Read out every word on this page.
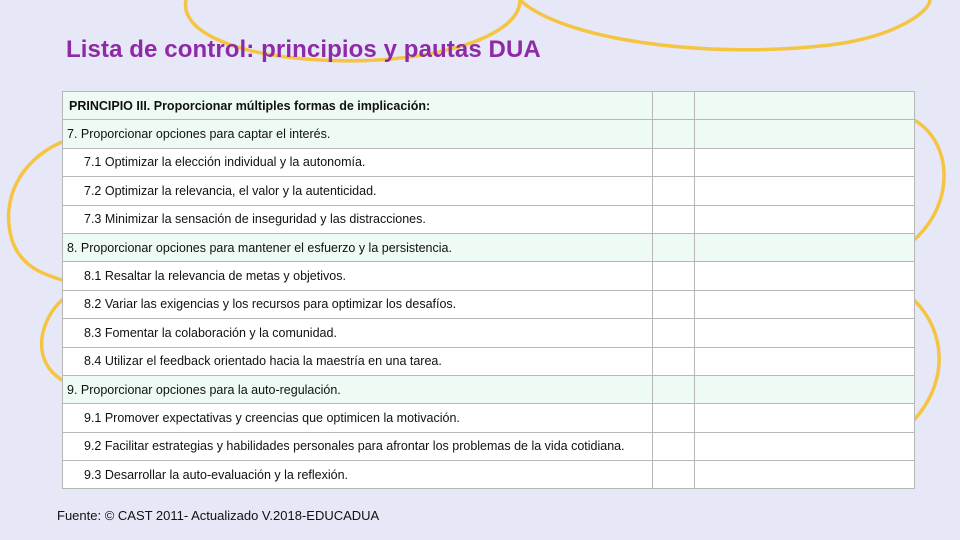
Lista de control: principios y pautas DUA
PRINCIPIO III. Proporcionar múltiples formas de implicación:		
7. Proporcionar opciones para captar el interés.		
7.1 Optimizar la elección individual y la autonomía.		
7.2 Optimizar la relevancia, el valor y la autenticidad.		
7.3 Minimizar la sensación de inseguridad y las distracciones.		
8. Proporcionar opciones para mantener el esfuerzo y la persistencia.		
8.1 Resaltar la relevancia de metas y objetivos.		
8.2 Variar las exigencias y los recursos para optimizar los desafíos.		
8.3 Fomentar la colaboración y la comunidad.		
8.4 Utilizar el feedback orientado hacia la maestría en una tarea.		
9. Proporcionar opciones para la auto-regulación.		
9.1 Promover expectativas y creencias que optimicen la motivación.		
9.2 Facilitar estrategias y habilidades personales para afrontar los problemas de la vida cotidiana.		
9.3 Desarrollar la auto-evaluación y la reflexión.		
Fuente: © CAST 2011- Actualizado V.2018-EDUCADUA
